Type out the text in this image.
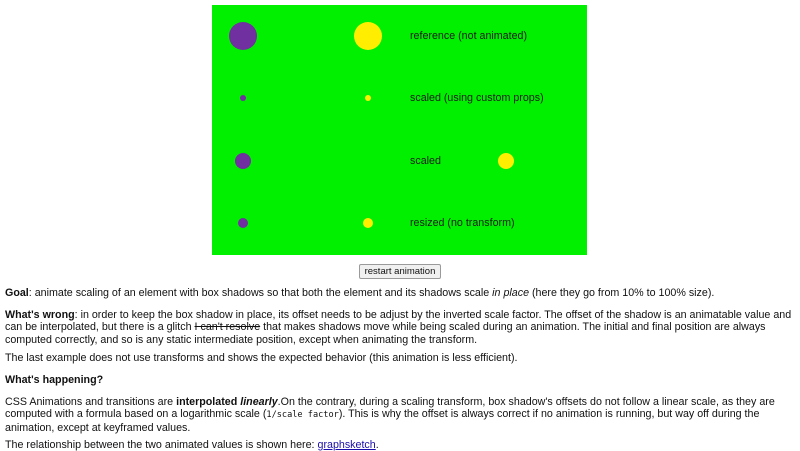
reference (not animated)
scaled (using custom props)
scaled
resized (no transform)
restart animation

Goal: animate scaling of an element with box shadows so that both the element and its shadows scale in place (here they go from 10% to 100% size).

What's wrong: in order to keep the box shadow in place, its offset needs to be adjust by the inverted scale factor. The offset of the shadow is an animatable value and can be interpolated, but there is a glitch I can't resolve that makes shadows move while being scaled during an animation. The initial and final position are always computed correctly, and so is any static intermediate position, except when animating the transform.

The last example does not use transforms and shows the expected behavior (this animation is less efficient).

What's happening?

CSS Animations and transitions are interpolated linearly.On the contrary, during a scaling transform, box shadow's offsets do not follow a linear scale, as they are computed with a formula based on a logarithmic scale (1/scale factor). This is why the offset is always correct if no animation is running, but way off during the animation, except at keyframed values.

The relationship between the two animated values is shown here: graphsketch.
